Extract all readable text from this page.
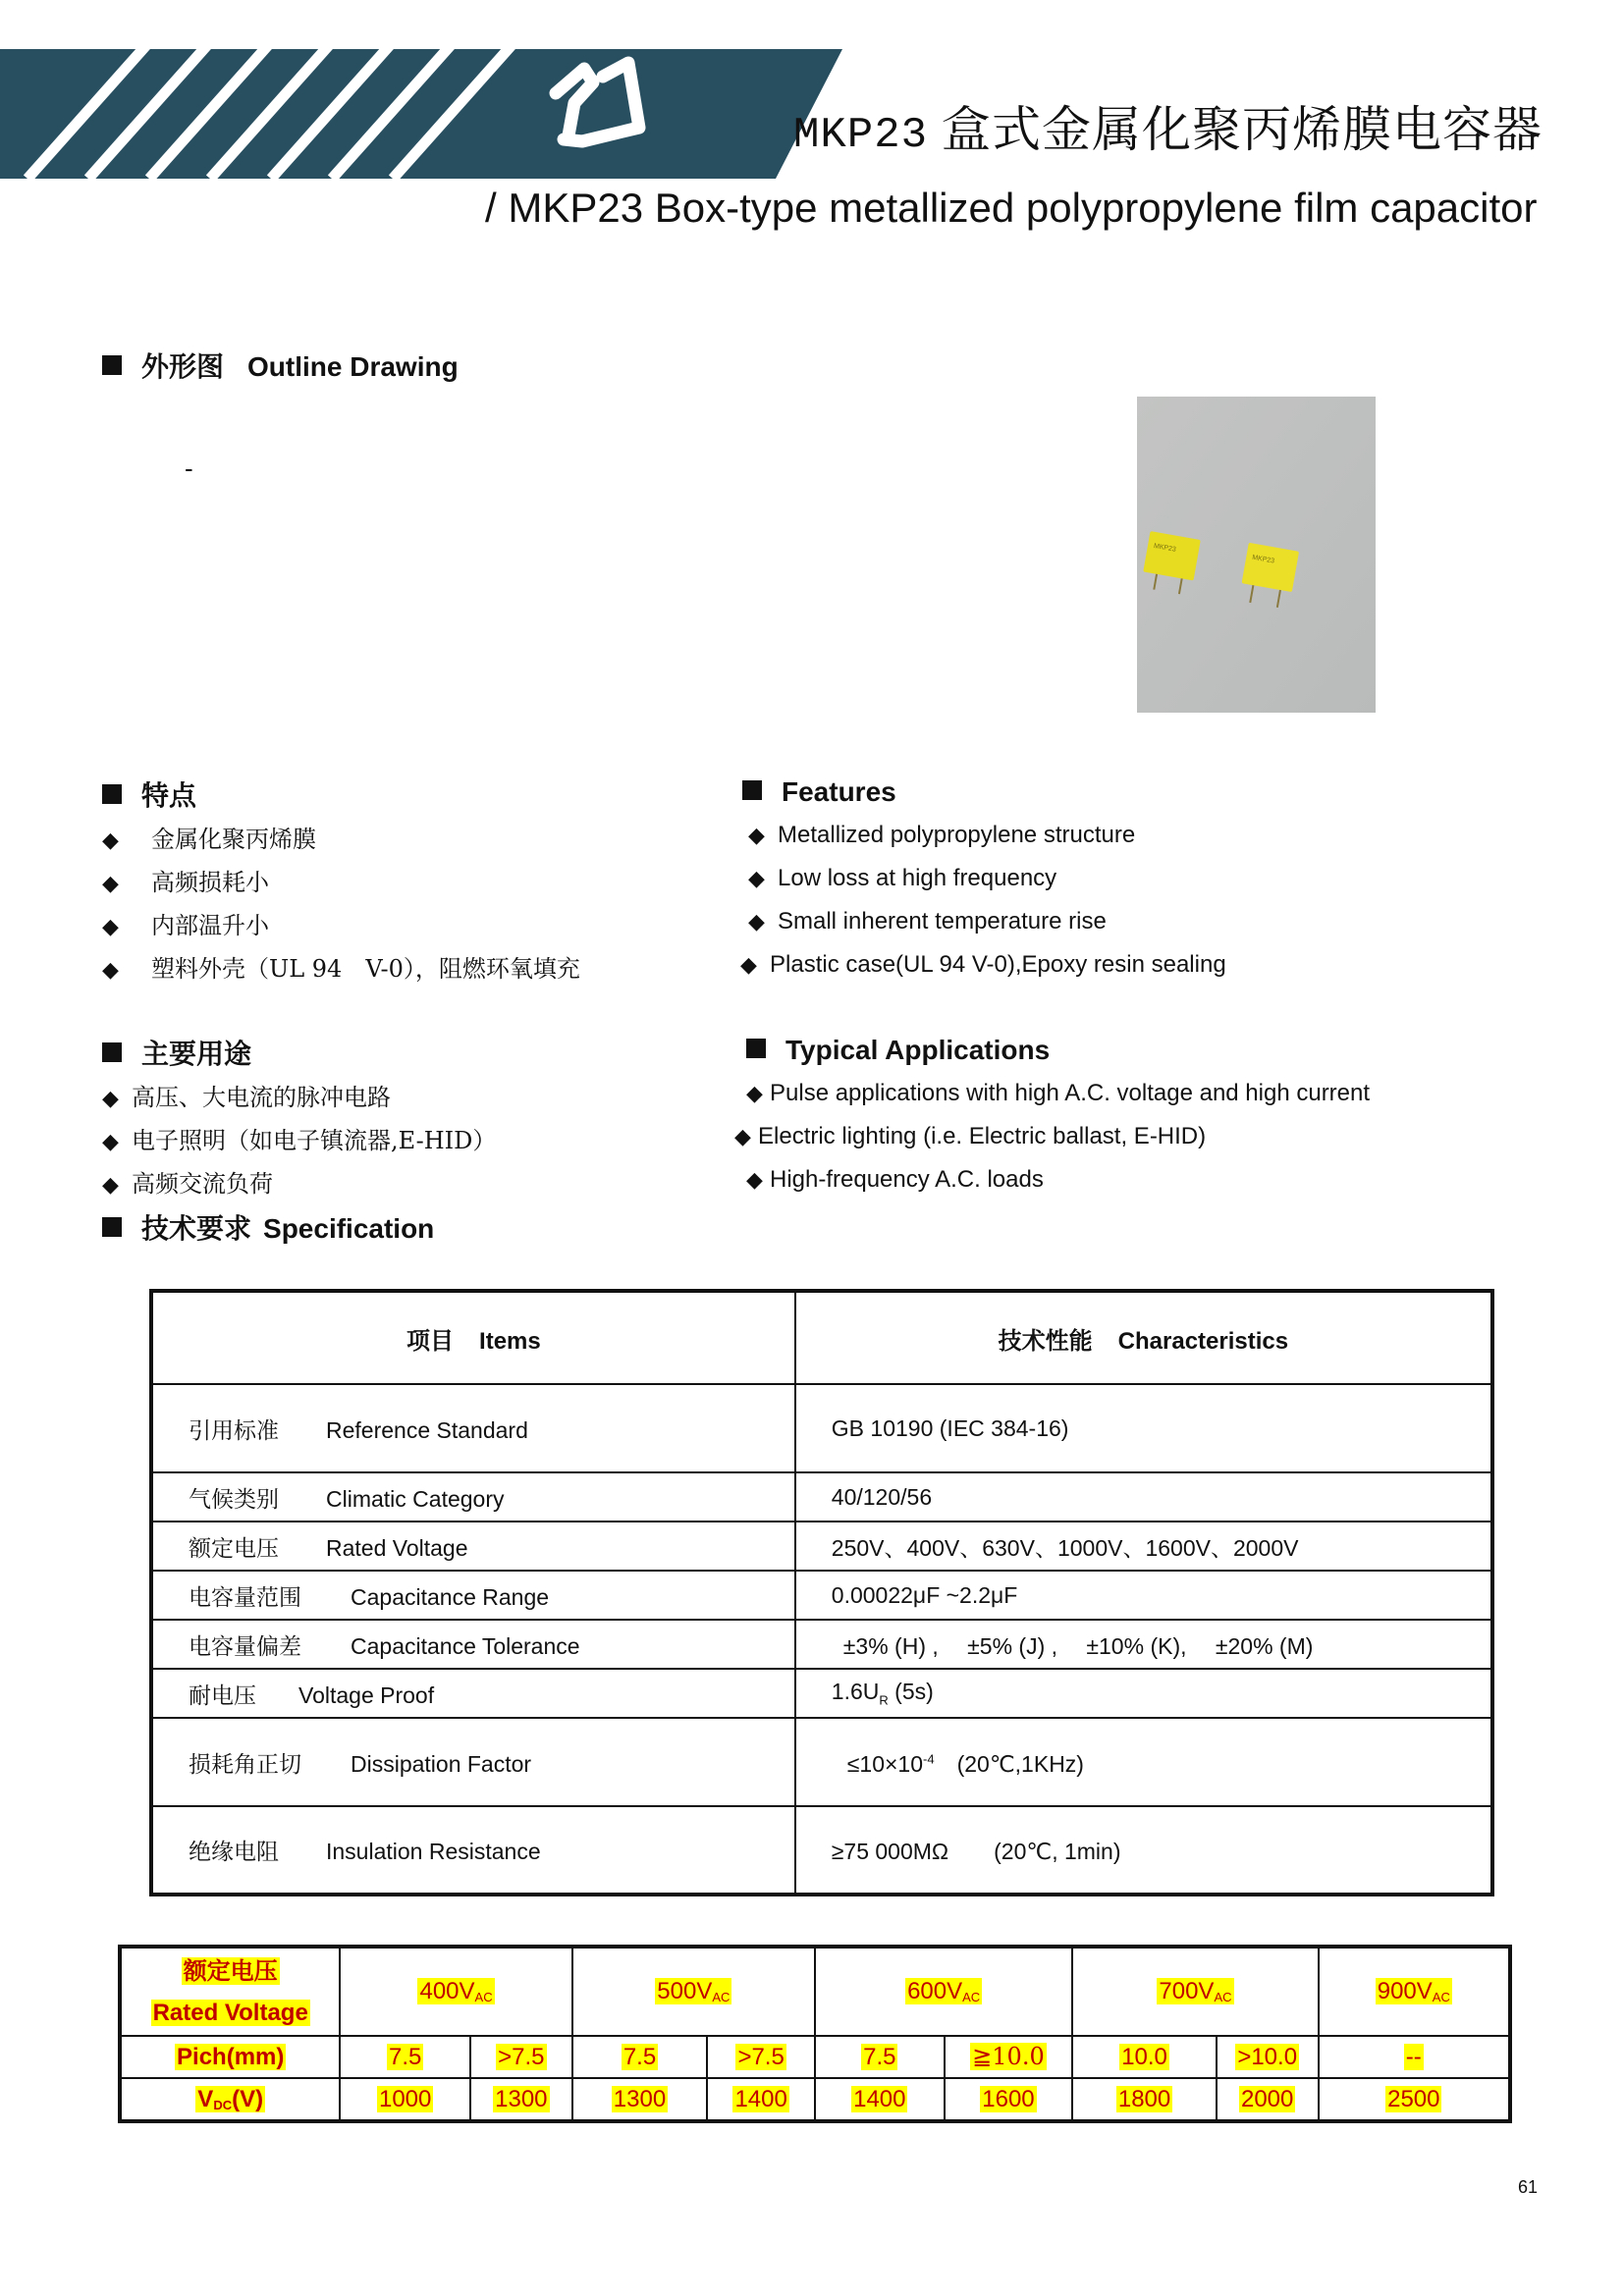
MKP23 盒式金属化聚丙烯膜电容器
/ MKP23 Box-type metallized polypropylene film capacitor
外形图 Outline Drawing
-
MKP23
MKP23
特点
◆ 金属化聚丙烯膜
◆ 高频损耗小
◆ 内部温升小
◆ 塑料外壳（UL 94　V-0），阻燃环氧填充
Features
◆ Metallized polypropylene structure
◆ Low loss at high frequency
◆ Small inherent temperature rise
◆ Plastic case(UL 94 V-0),Epoxy resin sealing
主要用途
◆ 高压、大电流的脉冲电路
◆ 电子照明（如电子镇流器,E-HID）
◆ 高频交流负荷
Typical Applications
◆ Pulse applications with high A.C. voltage and high current
◆ Electric lighting (i.e. Electric ballast, E-HID)
◆ High-frequency A.C. loads
技术要求 Specification
项目 Items	技术性能 Characteristics
引用标准 Reference Standard	GB 10190 (IEC 384-16)
气候类别 Climatic Category	40/120/56
额定电压 Rated Voltage	250V、400V、630V、1000V、1600V、2000V
电容量范围 Capacitance Range	0.00022μF ~2.2μF
电容量偏差 Capacitance Tolerance	±3% (H) ,　 ±5% (J) ,　 ±10% (K),　 ±20% (M)
耐电压 Voltage Proof	$1.6U_R$ (5s)
损耗角正切 Dissipation Factor	$\le 10\times 10^{-4}$　(20℃,1KHz)
绝缘电阻 Insulation Resistance	≥75 000MΩ　　(20℃, 1min)
额定电压
Rated Voltage	$400V_{AC}$		$500V_{AC}$		$600V_{AC}$		$700V_{AC}$		$900V_{AC}$
Pich(mm)	7.5	>7.5	7.5	>7.5	7.5	≧10.0	10.0	>10.0	--
$V_{DC}(V)$	1000	1300	1300	1400	1400	1600	1800	2000	2500
61
